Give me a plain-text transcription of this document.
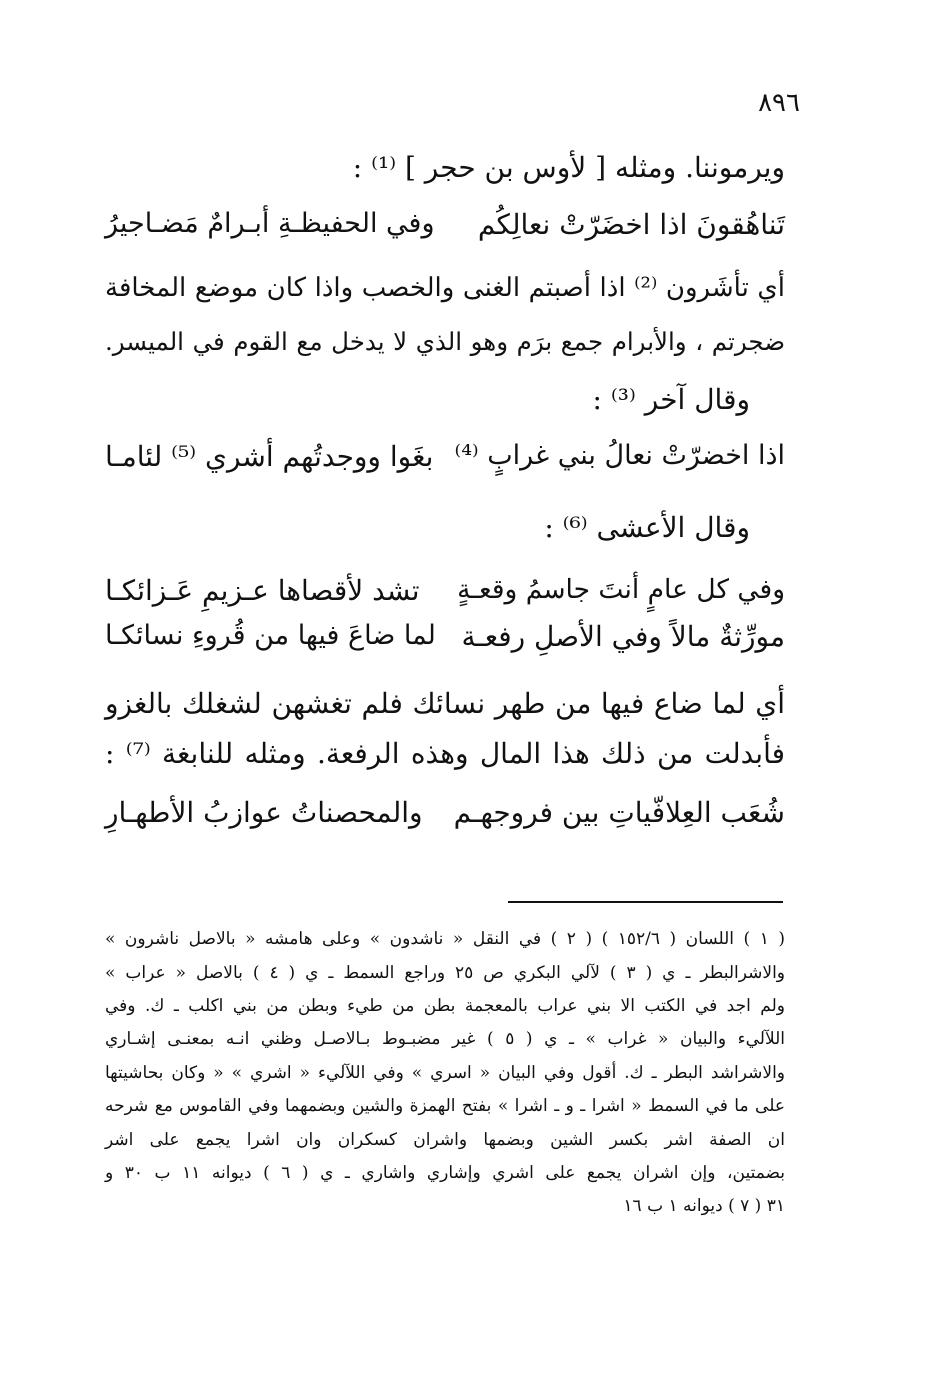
٨٩٦
ويرموننا. ومثله [ لأوس بن حجر ] ⁽¹⁾ :
تَناهُقونَ اذا اخضَرّتْ نعالِكُم
وفي الحفيظـةِ أبـرامٌ مَضـاجيرُ
أي تأشَرون ⁽²⁾ اذا أصبتم الغنى والخصب واذا كان موضع المخافة
ضجرتم ، والأبرام جمع برَم وهو الذي لا يدخل مع القوم في الميسر.
وقال آخر ⁽³⁾ :
اذا اخضرّتْ نعالُ بني غرابٍ ⁽⁴⁾
بغَوا ووجدتُهم أشري ⁽⁵⁾ لئامـا
وقال الأعشى ⁽⁶⁾ :
وفي كل عامٍ أنتَ جاسمُ وقعـةٍ
تشد لأقصاها عـزيمِ عَـزائكـا
مورِّثةٌ مالاً وفي الأصلِ رفعـة
لما ضاعَ فيها من قُروءِ نسائكـا
أي لما ضاع فيها من طهر نسائك فلم تغشهن لشغلك بالغزو
فأبدلت من ذلك هذا المال وهذه الرفعة. ومثله للنابغة ⁽⁷⁾ :
شُعَب العِلافّياتِ بين فروجهـم
والمحصناتُ عوازبُ الأطهـارِ
( ١ ) اللسان ( ١٥٢/٦ ) ( ٢ ) في النقل « ناشدون » وعلى هامشه « بالاصل ناشرون »
والاشرالبطر ـ ي ( ٣ ) لآلي البكري ص ٢٥ وراجع السمط ـ ي ( ٤ ) بالاصل « عراب »
ولم اجد في الكتب الا بني عراب بالمعجمة بطن من طيء وبطن من بني اكلب ـ ك. وفي
اللآليء والبيان « غراب » ـ ي ( ٥ ) غير مضبـوط بـالاصـل وظني انـه بمعنـى إشـاري
والاشراشد البطر ـ ك. أقول وفي البيان « اسري » وفي اللآليء « اشري » « وكان بحاشيتها
على ما في السمط « اشرا ـ و ـ اشرا » بفتح الهمزة والشين وبضمهما وفي القاموس مع شرحه
ان الصفة اشر بكسر الشين وبضمها واشران كسكران وان اشرا يجمع على اشر
بضمتين، وإن اشران يجمع على اشري وإشاري واشاري ـ ي ( ٦ ) ديوانه ١١ ب ٣٠ و
٣١ ( ٧ ) ديوانه ١ ب ١٦
